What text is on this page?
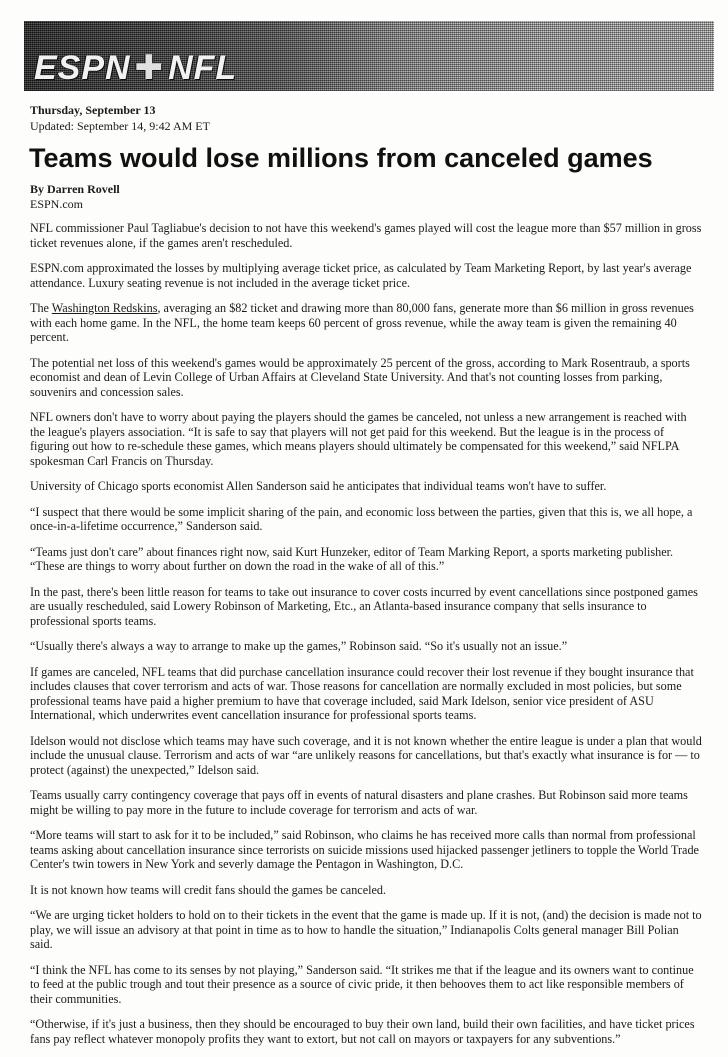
ESPN ✚ NFL
Thursday, September 13
Updated: September 14, 9:42 AM ET
Teams would lose millions from canceled games
By Darren Rovell
ESPN.com

NFL commissioner Paul Tagliabue's decision to not have this weekend's games played will cost the league more than $57 million in gross ticket revenues alone, if the games aren't rescheduled.

ESPN.com approximated the losses by multiplying average ticket price, as calculated by Team Marketing Report, by last year's average attendance. Luxury seating revenue is not included in the average ticket price.

The Washington Redskins, averaging an $82 ticket and drawing more than 80,000 fans, generate more than $6 million in gross revenues with each home game. In the NFL, the home team keeps 60 percent of gross revenue, while the away team is given the remaining 40 percent.

The potential net loss of this weekend's games would be approximately 25 percent of the gross, according to Mark Rosentraub, a sports economist and dean of Levin College of Urban Affairs at Cleveland State University. And that's not counting losses from parking, souvenirs and concession sales.

NFL owners don't have to worry about paying the players should the games be canceled, not unless a new arrangement is reached with the league's players association. “It is safe to say that players will not get paid for this weekend. But the league is in the process of figuring out how to re-schedule these games, which means players should ultimately be compensated for this weekend,” said NFLPA spokesman Carl Francis on Thursday.

University of Chicago sports economist Allen Sanderson said he anticipates that individual teams won't have to suffer.

“I suspect that there would be some implicit sharing of the pain, and economic loss between the parties, given that this is, we all hope, a once-in-a-lifetime occurrence,” Sanderson said.

“Teams just don't care” about finances right now, said Kurt Hunzeker, editor of Team Marking Report, a sports marketing publisher. “These are things to worry about further on down the road in the wake of all of this.”

In the past, there's been little reason for teams to take out insurance to cover costs incurred by event cancellations since postponed games are usually rescheduled, said Lowery Robinson of Marketing, Etc., an Atlanta-based insurance company that sells insurance to professional sports teams.

“Usually there's always a way to arrange to make up the games,” Robinson said. “So it's usually not an issue.”

If games are canceled, NFL teams that did purchase cancellation insurance could recover their lost revenue if they bought insurance that includes clauses that cover terrorism and acts of war. Those reasons for cancellation are normally excluded in most policies, but some professional teams have paid a higher premium to have that coverage included, said Mark Idelson, senior vice president of ASU International, which underwrites event cancellation insurance for professional sports teams.

Idelson would not disclose which teams may have such coverage, and it is not known whether the entire league is under a plan that would include the unusual clause. Terrorism and acts of war “are unlikely reasons for cancellations, but that's exactly what insurance is for — to protect (against) the unexpected,” Idelson said.

Teams usually carry contingency coverage that pays off in events of natural disasters and plane crashes. But Robinson said more teams might be willing to pay more in the future to include coverage for terrorism and acts of war.

“More teams will start to ask for it to be included,” said Robinson, who claims he has received more calls than normal from professional teams asking about cancellation insurance since terrorists on suicide missions used hijacked passenger jetliners to topple the World Trade Center's twin towers in New York and severly damage the Pentagon in Washington, D.C.

It is not known how teams will credit fans should the games be canceled.

“We are urging ticket holders to hold on to their tickets in the event that the game is made up. If it is not, (and) the decision is made not to play, we will issue an advisory at that point in time as to how to handle the situation,” Indianapolis Colts general manager Bill Polian said.

“I think the NFL has come to its senses by not playing,” Sanderson said. “It strikes me that if the league and its owners want to continue to feed at the public trough and tout their presence as a source of civic pride, it then behooves them to act like responsible members of their communities.

“Otherwise, if it's just a business, then they should be encouraged to buy their own land, build their own facilities, and have ticket prices fans pay reflect whatever monopoly profits they want to extort, but not call on mayors or taxpayers for any subventions.”
